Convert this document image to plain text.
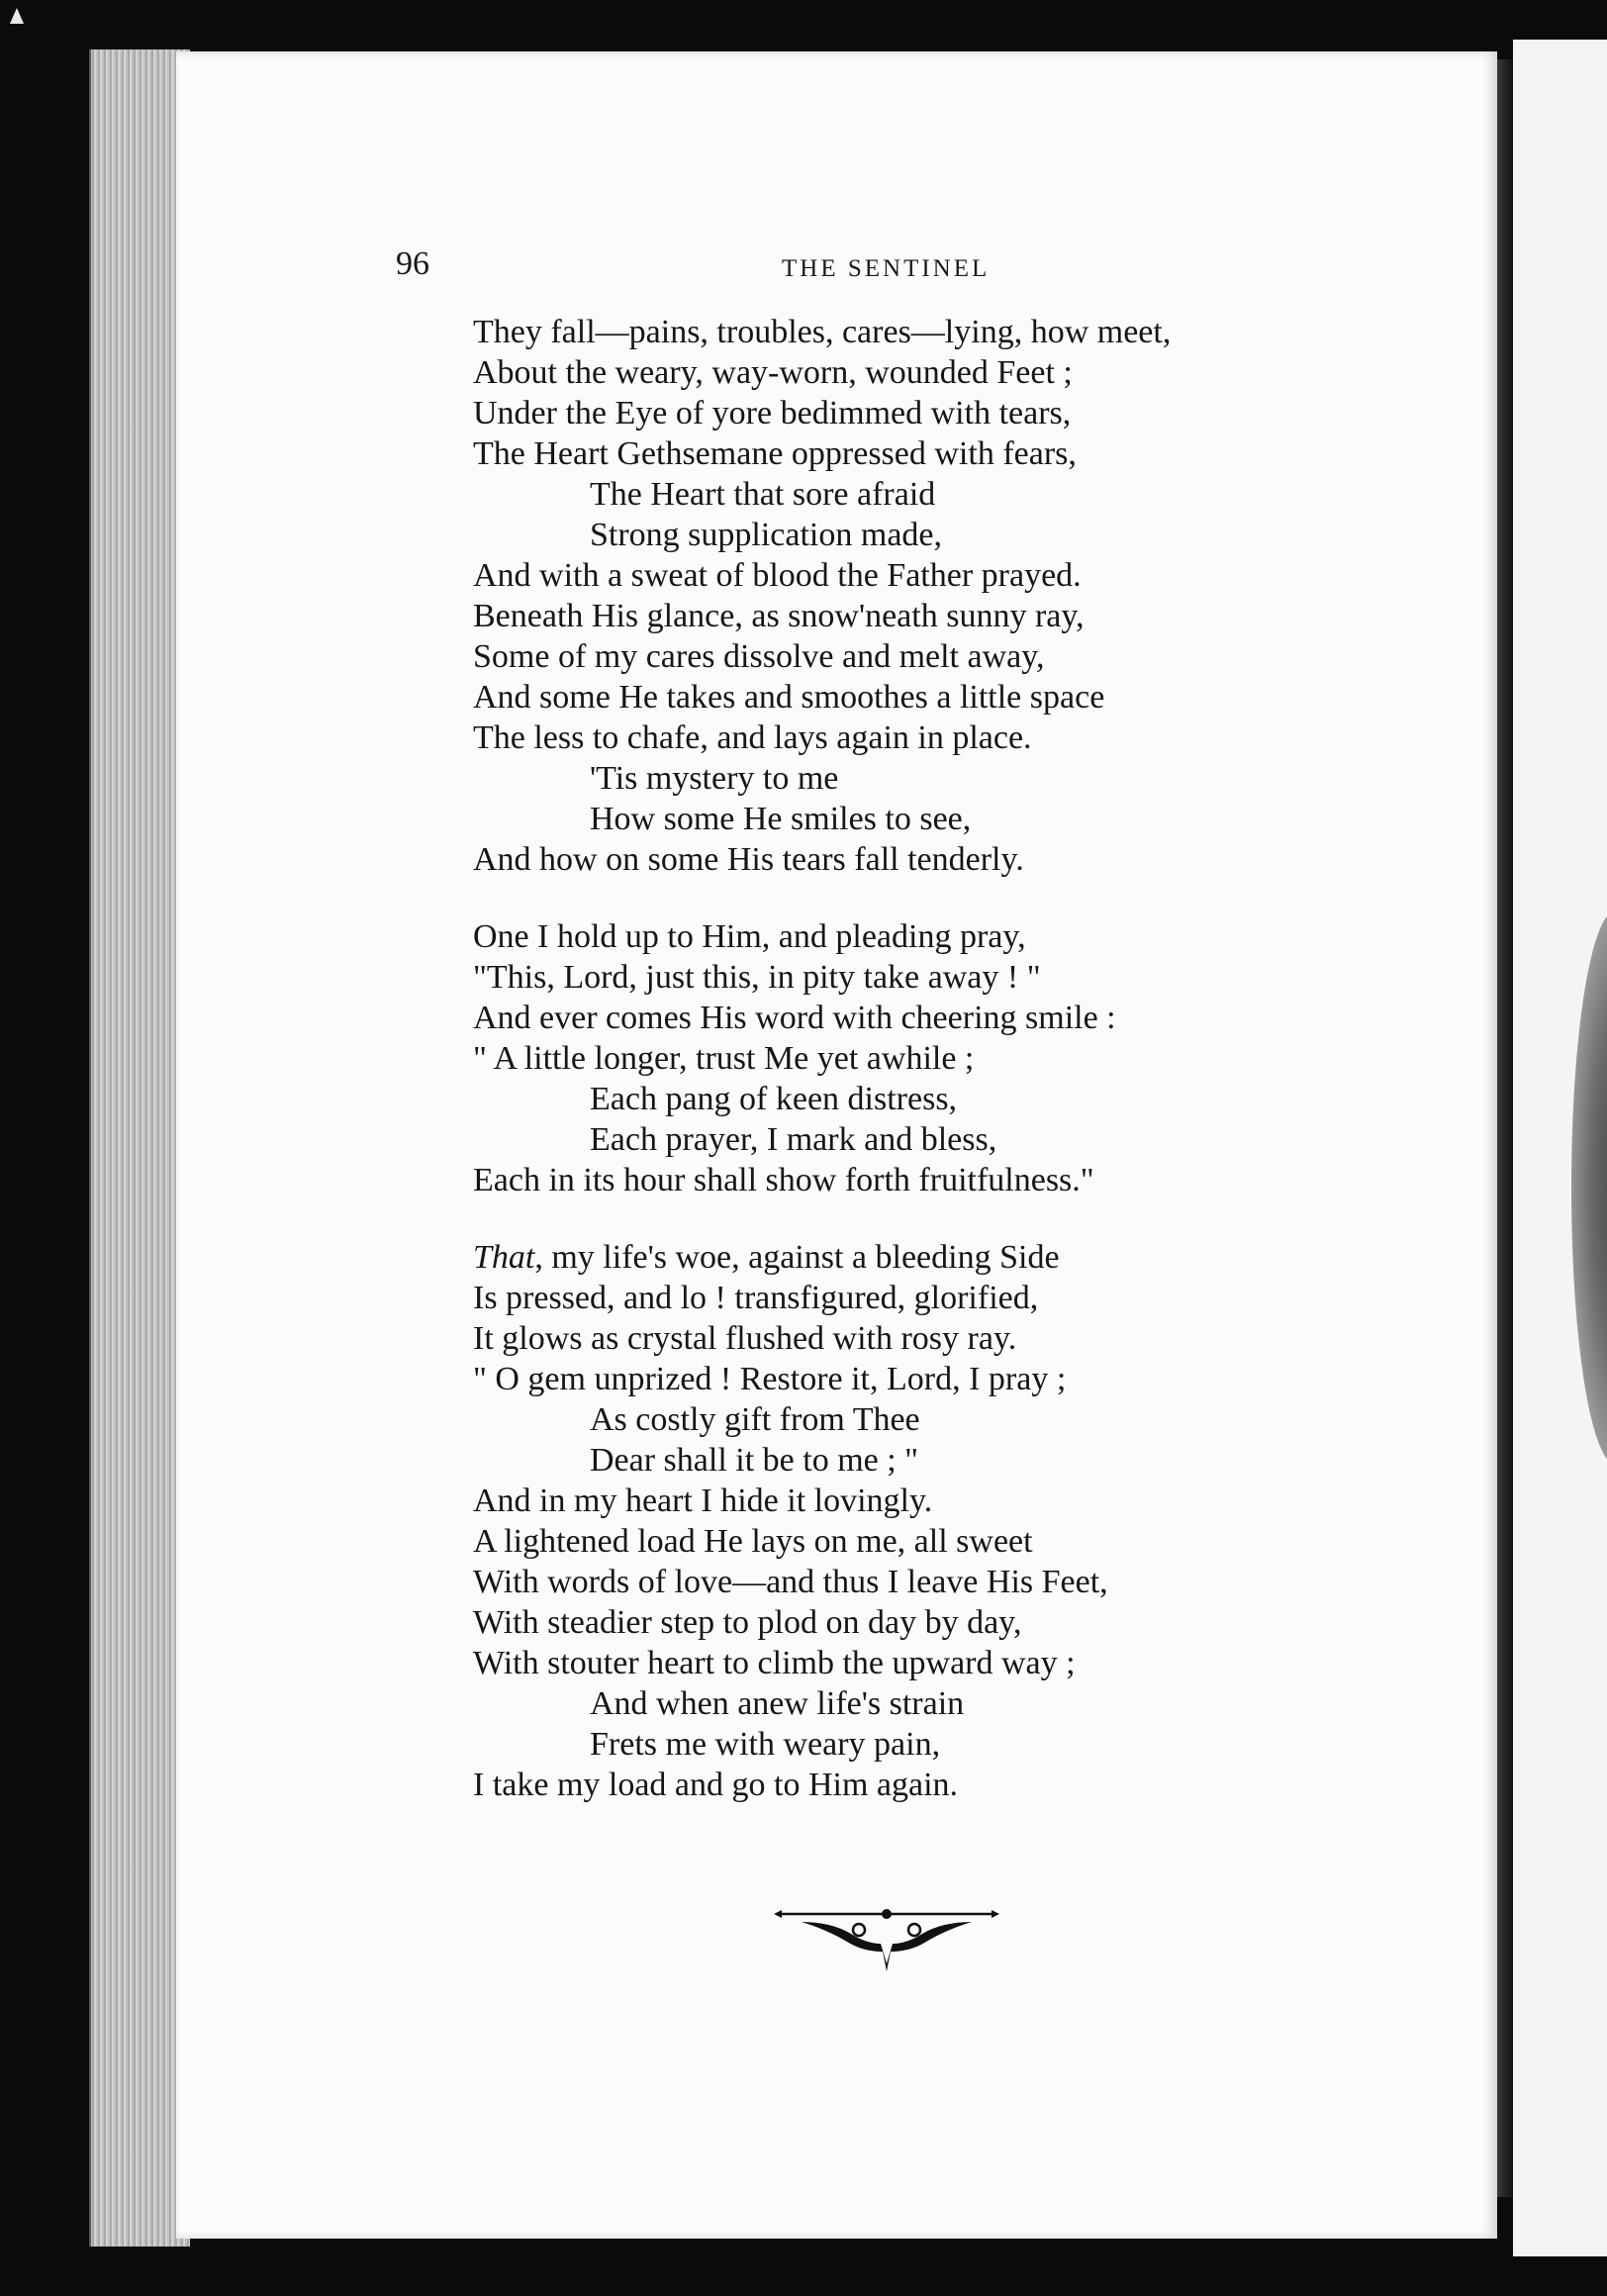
96	THE SENTINEL
They fall—pains, troubles, cares—lying, how meet,
About the weary, way-worn, wounded Feet ;
Under the Eye of yore bedimmed with tears,
The Heart Gethsemane oppressed with fears,
The Heart that sore afraid
Strong supplication made,
And with a sweat of blood the Father prayed.
Beneath His glance, as snow'neath sunny ray,
Some of my cares dissolve and melt away,
And some He takes and smoothes a little space
The less to chafe, and lays again in place.
'Tis mystery to me
How some He smiles to see,
And how on some His tears fall tenderly.
One I hold up to Him, and pleading pray,
"This, Lord, just this, in pity take away ! "
And ever comes His word with cheering smile :
" A little longer, trust Me yet awhile ;
Each pang of keen distress,
Each prayer, I mark and bless,
Each in its hour shall show forth fruitfulness."
That, my life's woe, against a bleeding Side
Is pressed, and lo ! transfigured, glorified,
It glows as crystal flushed with rosy ray.
" O gem unprized ! Restore it, Lord, I pray ;
As costly gift from Thee
Dear shall it be to me ; "
And in my heart I hide it lovingly.
A lightened load He lays on me, all sweet
With words of love—and thus I leave His Feet,
With steadier step to plod on day by day,
With stouter heart to climb the upward way ;
And when anew life's strain
Frets me with weary pain,
I take my load and go to Him again.
